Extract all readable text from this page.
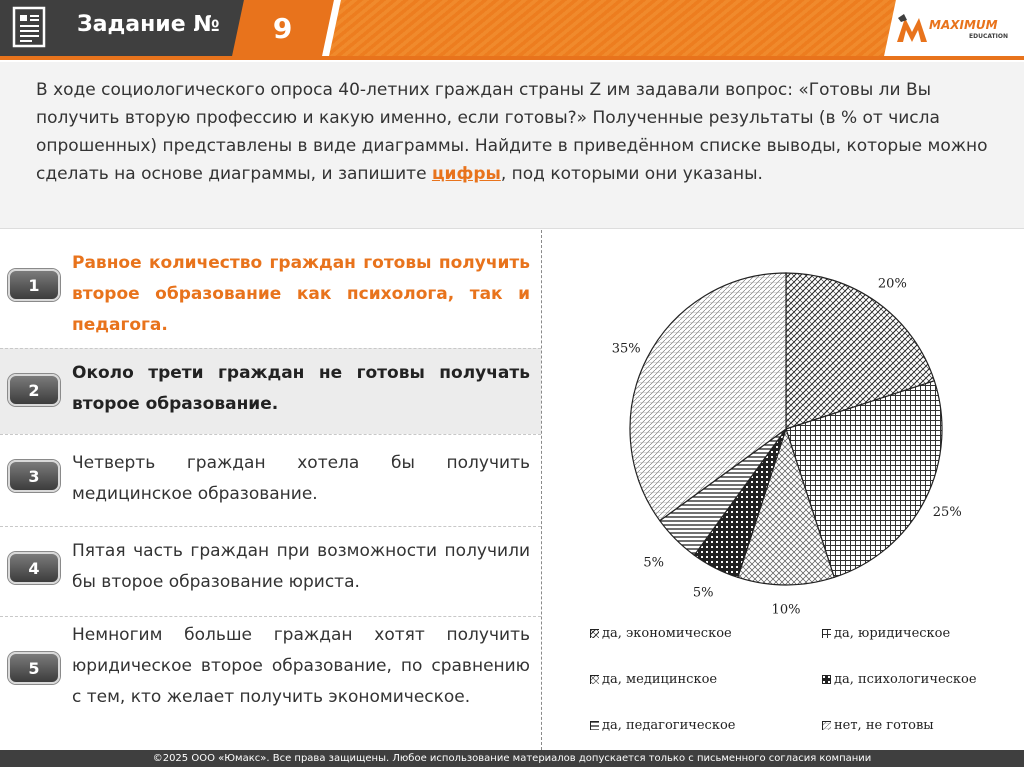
Задание № 9	MAXIMUM
EDUCATION

В ходе социологического опроса 40-летних граждан страны Z им задавали вопрос: «Готовы ли Вы получить вторую профессию и какую именно, если готовы?» Полученные результаты (в % от числа опрошенных) представлены в виде диаграммы. Найдите в приведённом списке выводы, которые можно сделать на основе диаграммы, и запишите цифры, под которыми они указаны.

1
Равное количество граждан готовы получить второе образование как психолога, так и педагога.
2
Около трети граждан не готовы получать второе образование.
3
Четверть граждан хотела бы получить медицинское образование.
4
Пятая часть граждан при возможности получили бы второе образование юриста.
5
Немногим больше граждан хотят получить юридическое второе образование, по сравнению с тем, кто желает получить экономическое.
20%
25%
10%
5%
5%
35%
да, экономическое	да, юридическое
да, медицинское	да, психологическое
да, педагогическое	нет, не готовы
©2025 ООО «Юмакс». Все права защищены. Любое использование материалов допускается только с письменного согласия компании
